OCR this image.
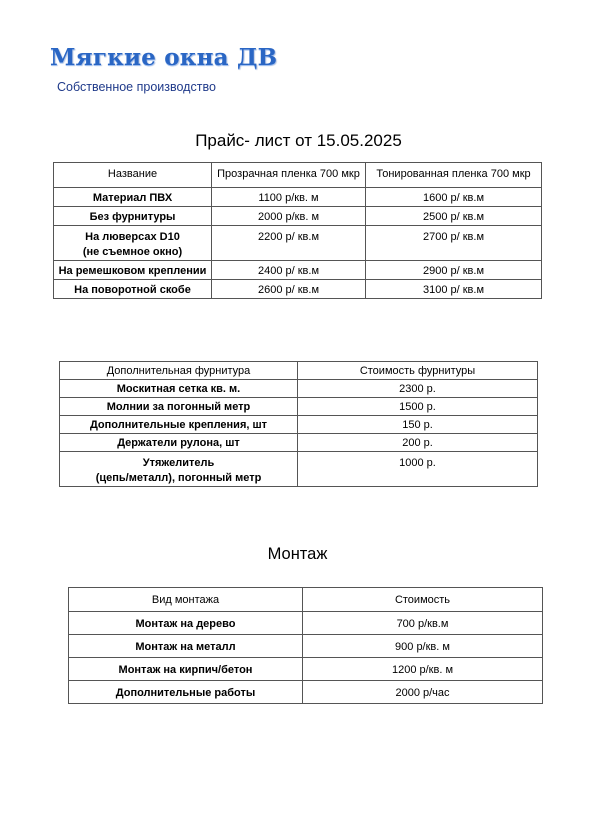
Мягкие окна ДВ
Собственное производство
Прайс- лист от 15.05.2025
Название	Прозрачная пленка 700 мкр	Тонированная пленка 700 мкр
Материал ПВХ	1100 р/кв. м	1600 р/ кв.м
Без фурнитуры	2000 р/кв. м	2500 р/ кв.м

На люверсах D10
(не съемное окно)	2200 р/ кв.м	2700 р/ кв.м
На ремешковом креплении	2400 р/ кв.м	2900 р/ кв.м
На поворотной скобе	2600 р/ кв.м	3100 р/ кв.м
Дополнительная фурнитура	Стоимость фурнитуры
Москитная сетка кв. м.	2300 р.
Молнии за погонный метр	1500 р.
Дополнительные крепления, шт	150 р.
Держатели рулона, шт	200 р.

Утяжелитель
(цепь/металл), погонный метр	1000 р.
Монтаж
Вид монтажа	Стоимость
Монтаж на дерево	700 р/кв.м
Монтаж на металл	900 р/кв. м
Монтаж на кирпич/бетон	1200 р/кв. м
Дополнительные работы	2000 р/час
